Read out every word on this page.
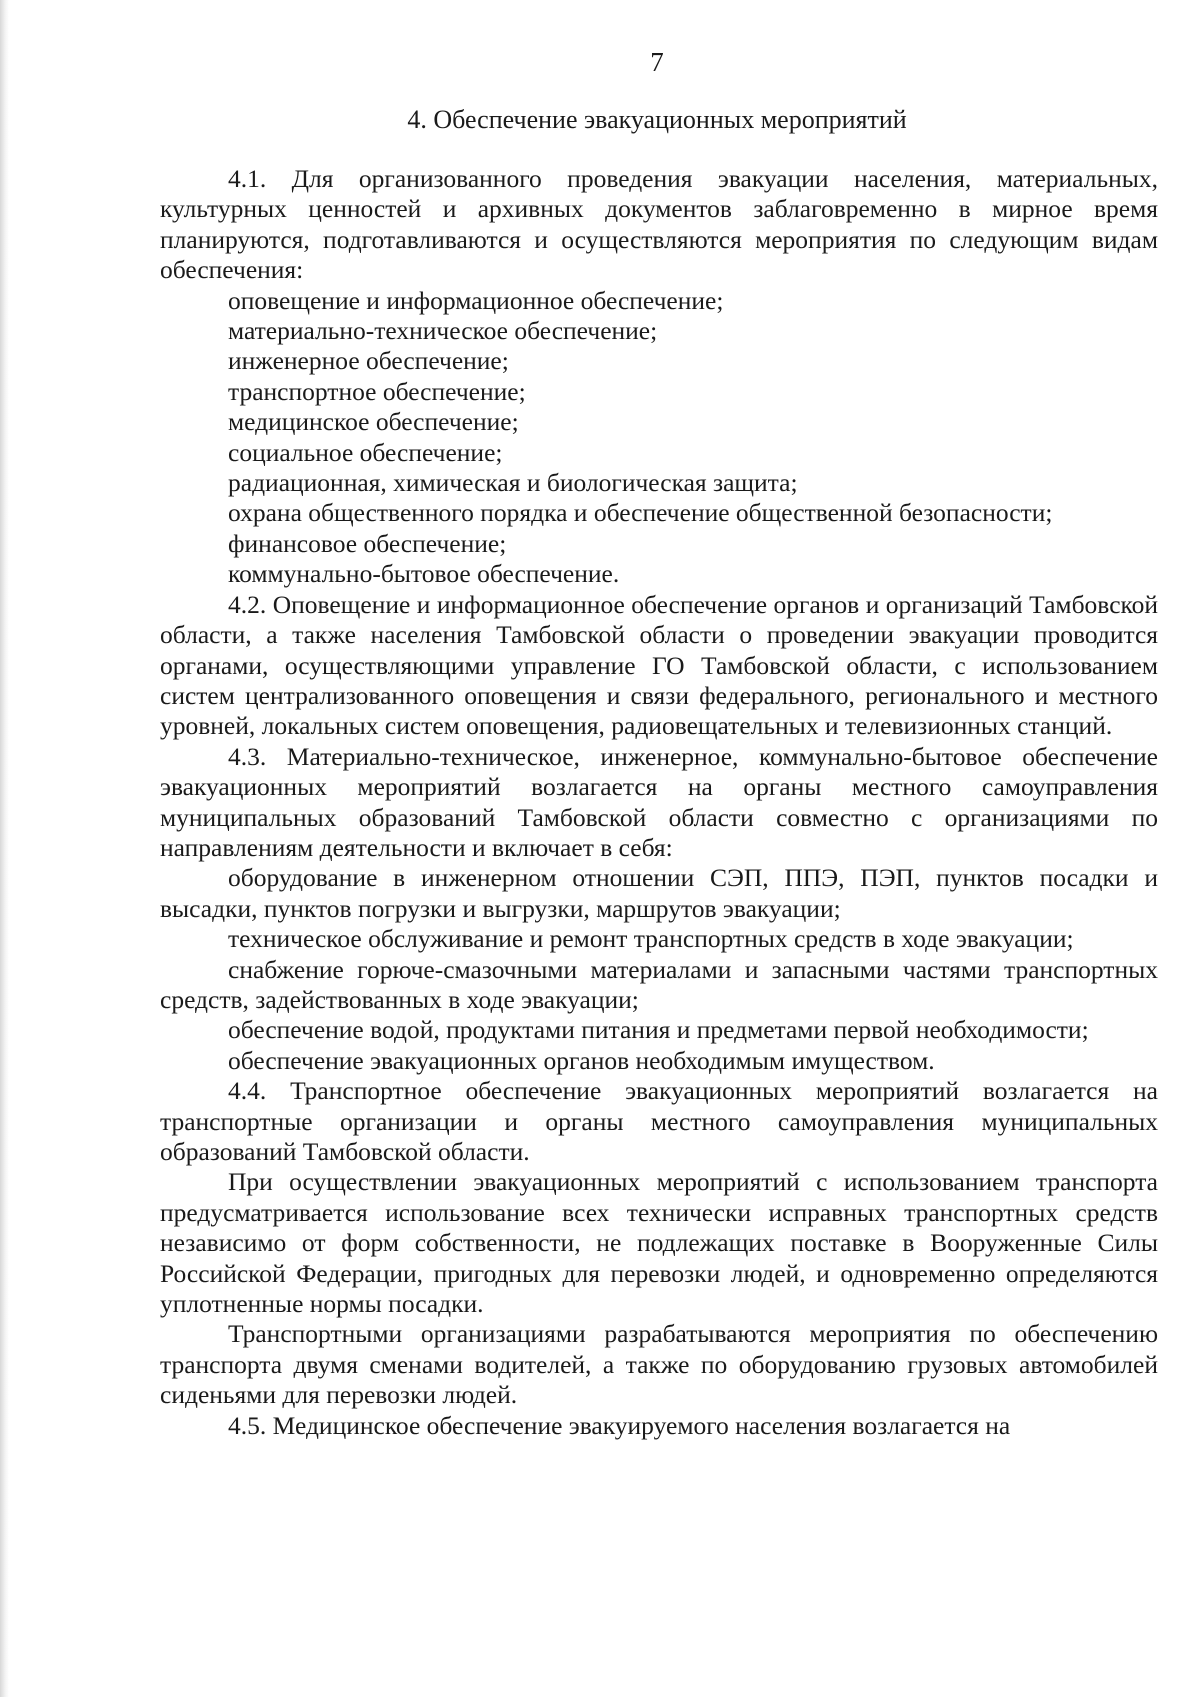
7
4. Обеспечение эвакуационных мероприятий

4.1. Для организованного проведения эвакуации населения, материальных, культурных ценностей и архивных документов заблаговременно в мирное время планируются, подготавливаются и осуществляются мероприятия по следующим видам обеспечения:

оповещение и информационное обеспечение;

материально-техническое обеспечение;

инженерное обеспечение;

транспортное обеспечение;

медицинское обеспечение;

социальное обеспечение;

радиационная, химическая и биологическая защита;

охрана общественного порядка и обеспечение общественной безопасности;

финансовое обеспечение;

коммунально-бытовое обеспечение.

4.2. Оповещение и информационное обеспечение органов и организаций Тамбовской области, а также населения Тамбовской области о проведении эвакуации проводится органами, осуществляющими управление ГО Тамбовской области, с использованием систем централизованного оповещения и связи федерального, регионального и местного уровней, локальных систем оповещения, радиовещательных и телевизионных станций.

4.3. Материально-техническое, инженерное, коммунально-бытовое обеспечение эвакуационных мероприятий возлагается на органы местного самоуправления муниципальных образований Тамбовской области совместно с организациями по направлениям деятельности и включает в себя:

оборудование в инженерном отношении СЭП, ППЭ, ПЭП, пунктов посадки и высадки, пунктов погрузки и выгрузки, маршрутов эвакуации;

техническое обслуживание и ремонт транспортных средств в ходе эвакуации;

снабжение горюче-смазочными материалами и запасными частями транспортных средств, задействованных в ходе эвакуации;

обеспечение водой, продуктами питания и предметами первой необходимости;

обеспечение эвакуационных органов необходимым имуществом.

4.4. Транспортное обеспечение эвакуационных мероприятий возлагается на транспортные организации и органы местного самоуправления муниципальных образований Тамбовской области.

При осуществлении эвакуационных мероприятий с использованием транспорта предусматривается использование всех технически исправных транспортных средств независимо от форм собственности, не подлежащих поставке в Вооруженные Силы Российской Федерации, пригодных для перевозки людей, и одновременно определяются уплотненные нормы посадки.

Транспортными организациями разрабатываются мероприятия по обеспечению транспорта двумя сменами водителей, а также по оборудованию грузовых автомобилей сиденьями для перевозки людей.

4.5. Медицинское обеспечение эвакуируемого населения возлагается на
